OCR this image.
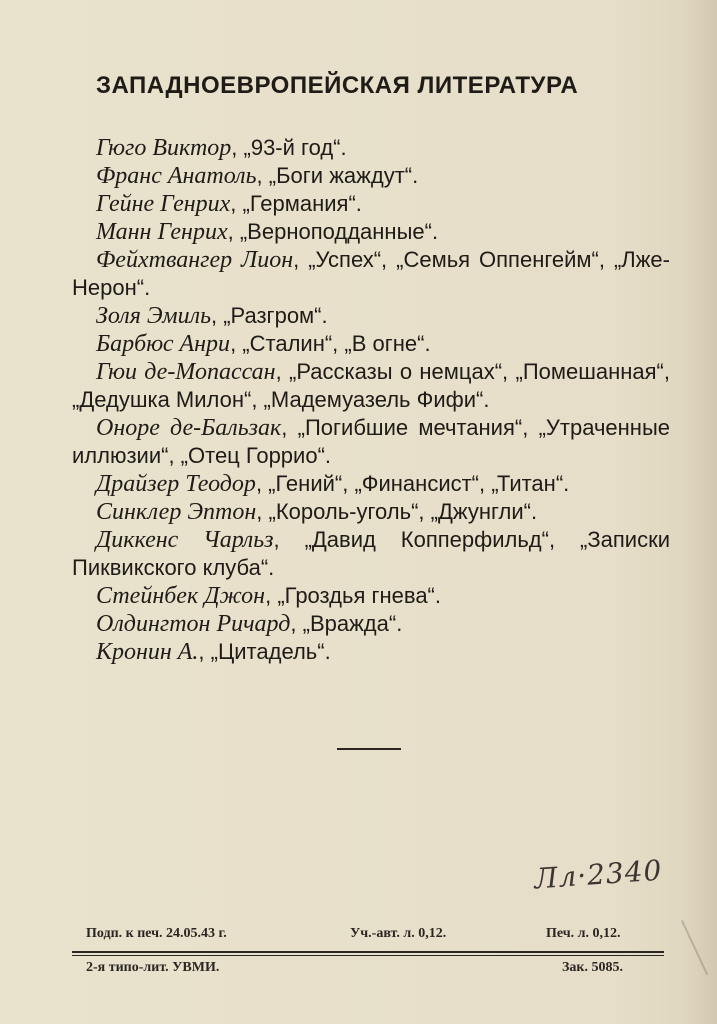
ЗАПАДНОЕВРОПЕЙСКАЯ ЛИТЕРАТУРА
Гюго Виктор, „93-й год“.
Франс Анатоль, „Боги жаждут“.
Гейне Генрих, „Германия“.
Манн Генрих, „Верноподданные“.
Фейхтвангер Лион, „Успех“, „Семья Оппенгейм“, „Лже-Нерон“.
Золя Эмиль, „Разгром“.
Барбюс Анри, „Сталин“, „В огне“.
Гюи де-Мопассан, „Рассказы о немцах“, „Помешанная“, „Дедушка Милон“, „Мадемуазель Фифи“.
Оноре де-Бальзак, „Погибшие мечтания“, „Утраченные иллюзии“, „Отец Горрио“.
Драйзер Теодор, „Гений“, „Финансист“, „Титан“.
Синклер Эптон, „Король-уголь“, „Джунгли“.
Диккенс Чарльз, „Давид Копперфильд“, „Записки Пиквикского клуба“.
Стейнбек Джон, „Гроздья гнева“.
Олдингтон Ричард, „Вражда“.
Кронин А., „Цитадель“.
Лл·2340
Подп. к печ. 24.05.43 г.	Уч.-авт. л. 0,12.	Печ. л. 0,12.
2-я типо-лит. УВМИ.	Зак. 5085.
